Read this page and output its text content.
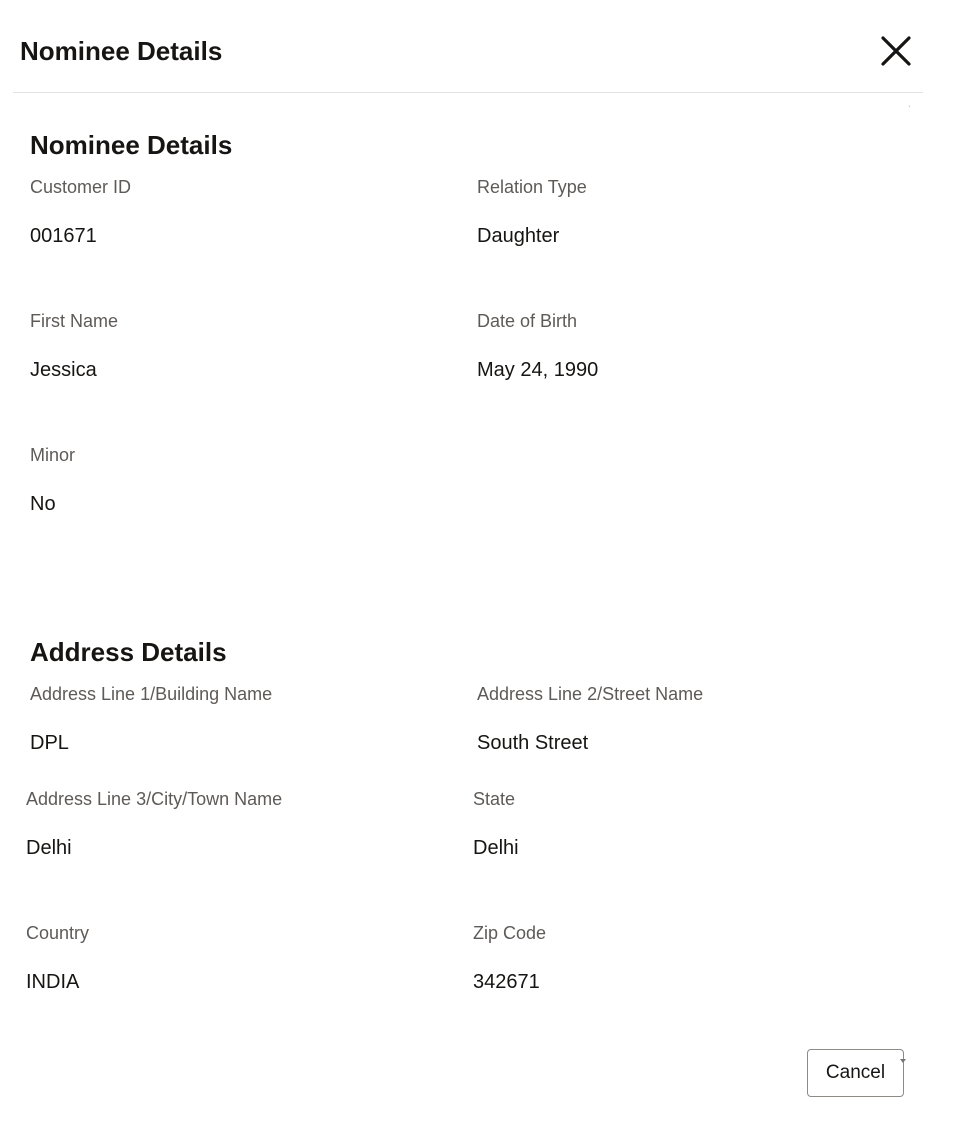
Nominee Details
ˋ
Nominee Details
Customer ID
001671
Relation Type
Daughter
First Name
Jessica
Date of Birth
May 24, 1990
Minor
No
Address Details
Address Line 1/Building Name
DPL
Address Line 2/Street Name
South Street
Address Line 3/City/Town Name
Delhi
State
Delhi
Country
INDIA
Zip Code
342671
Cancel
